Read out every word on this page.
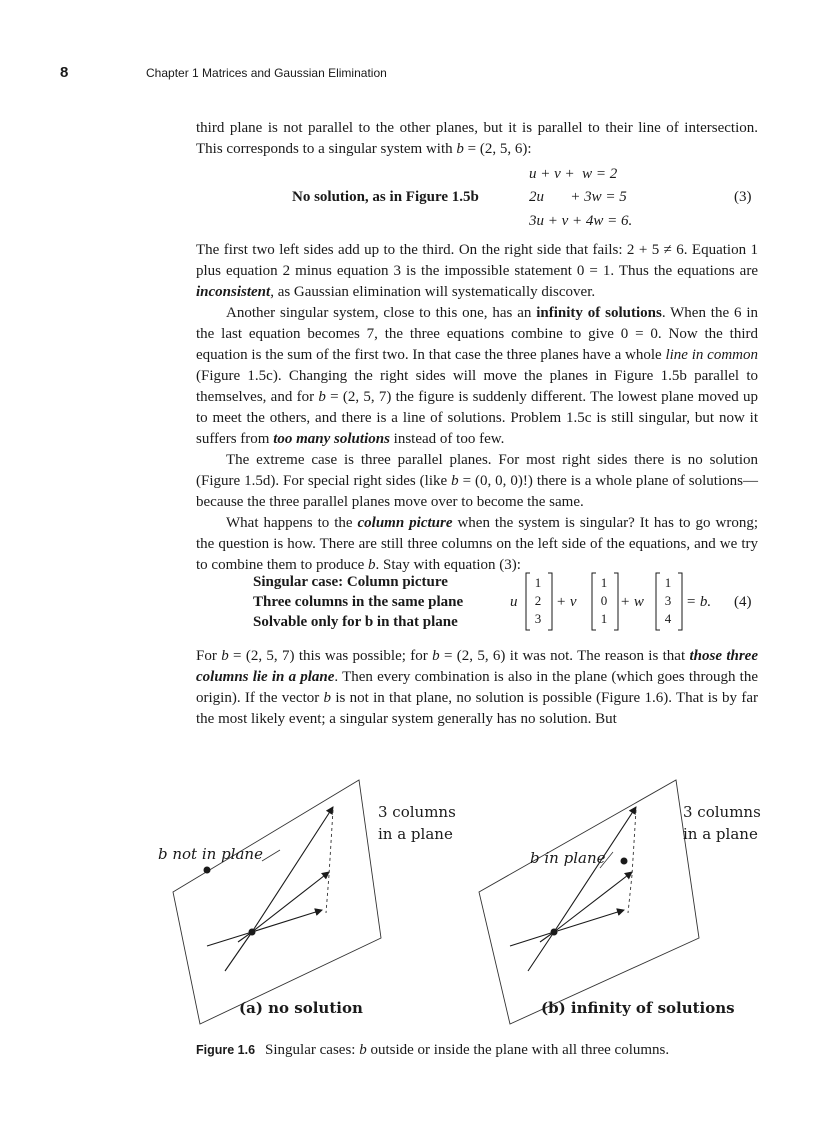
8	Chapter 1 Matrices and Gaussian Elimination

third plane is not parallel to the other planes, but it is parallel to their line of intersection.

This corresponds to a singular system with b = (2, 5, 6):

No solution, as in Figure 1.5b
u + v +  w = 2
2u       + 3w = 5
3u + v + 4w = 6.
(3)

The first two left sides add up to the third. On the right side that fails: 2 + 5 ≠ 6. Equation 1 plus equation 2 minus equation 3 is the impossible statement 0 = 1. Thus the equations are inconsistent, as Gaussian elimination will systematically discover.

Another singular system, close to this one, has an infinity of solutions. When the 6 in the last equation becomes 7, the three equations combine to give 0 = 0. Now the third equation is the sum of the first two. In that case the three planes have a whole line in common (Figure 1.5c). Changing the right sides will move the planes in Figure 1.5b parallel to themselves, and for b = (2, 5, 7) the figure is suddenly different. The lowest plane moved up to meet the others, and there is a line of solutions. Problem 1.5c is still singular, but now it suffers from too many solutions instead of too few.

The extreme case is three parallel planes. For most right sides there is no solution (Figure 1.5d). For special right sides (like b = (0, 0, 0)!) there is a whole plane of solutions—because the three parallel planes move over to become the same.

What happens to the column picture when the system is singular? It has to go wrong; the question is how. There are still three columns on the left side of the equations, and we try to combine them to produce b. Stay with equation (3):

Singular case: Column picture
Three columns in the same plane
Solvable only for b in that plane
u
1
2
3
+ v
1
0
1
+ w
1
3
4
= b. (4)

For b = (2, 5, 7) this was possible; for b = (2, 5, 6) it was not. The reason is that those three columns lie in a plane. Then every combination is also in the plane (which goes through the origin). If the vector b is not in that plane, no solution is possible (Figure 1.6). That is by far the most likely event; a singular system generally has no solution. But

3 columns
in a plane
b not in plane
(a) no solution
3 columns
in a plane
b in plane
(b) infinity of solutions
Figure 1.6 Singular cases: b outside or inside the plane with all three columns.
